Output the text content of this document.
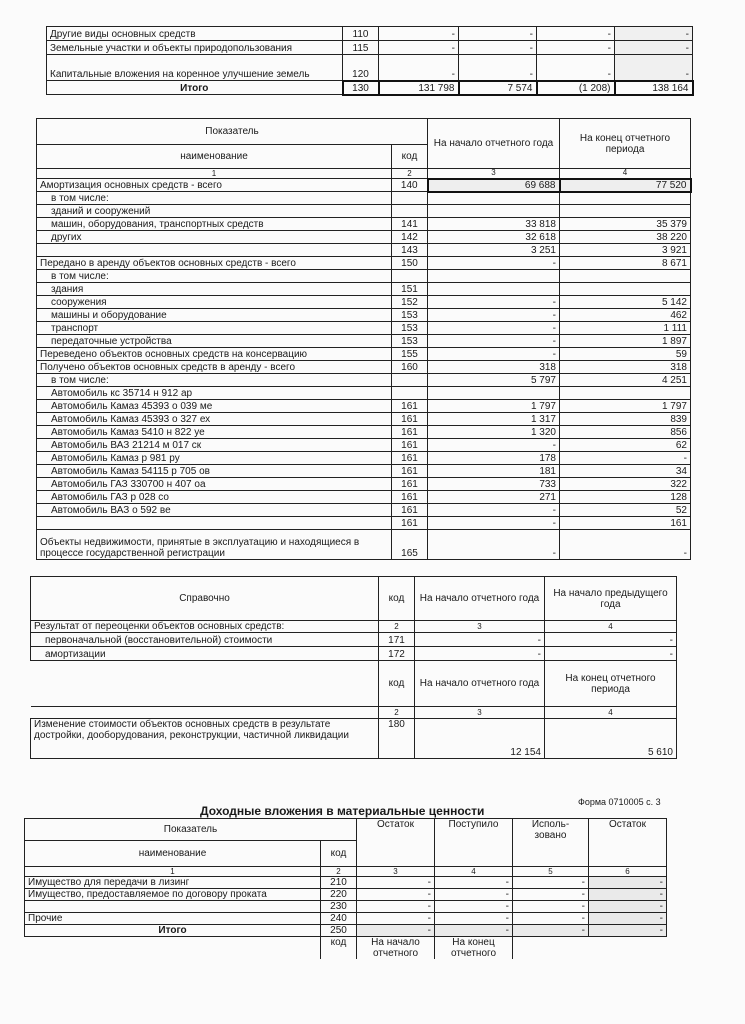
Другие виды основных средств	110	-	-	-	-
Земельные участки и объекты природопользования	115	-	-	-	-
Капитальные вложения на коренное улучшение земель	120	-	-	-	-
Итого	130	131 798	7 574	(1 208)	138 164
Показатель		На начало отчетного года	На конец отчетного периода
наименование	код		
1	2	3	4
Амортизация основных средств - всего	140	69 688	77 520
в том числе:			
зданий и сооружений			
машин, оборудования, транспортных средств	141	33 818	35 379
других	142	32 618	38 220
	143	3 251	3 921
Передано в аренду объектов основных средств - всего	150	-	8 671
в том числе:			
здания	151		
сооружения	152	-	5 142
машины и оборудование	153	-	462
транспорт	153	-	1 111
передаточные устройства	153	-	1 897
Переведено объектов основных средств на консервацию	155	-	59
Получено объектов основных средств в аренду - всего	160	318	318
в том числе:		5 797	4 251
Автомобиль кс 35714 н 912 ар			
Автомобиль Камаз 45393 о 039 ме	161	1 797	1 797
Автомобиль Камаз 45393 о 327 ех	161	1 317	839
Автомобиль Камаз 5410 н 822 уе	161	1 320	856
Автомобиль ВАЗ 21214 м 017 ск	161	-	62
Автомобиль Камаз р 981 ру	161	178	-
Автомобиль Камаз 54115 р 705 ов	161	181	34
Автомобиль ГАЗ 330700 н 407 оа	161	733	322
Автомобиль ГАЗ р 028 со	161	271	128
Автомобиль ВАЗ о 592 ве	161	-	52
	161	-	161
Объекты недвижимости, принятые в эксплуатацию и находящиеся в процессе государственной регистрации	165	-	-
Справочно	код	На начало отчетного года	На начало предыдущего года
Результат от переоценки объектов основных средств:	2	3	4
первоначальной (восстановительной) стоимости	171	-	-
амортизации	172	-	-
	код	На начало отчетного года	На конец отчетного периода
	2	3	4
Изменение стоимости объектов основных средств в результате достройки, дооборудования, реконструкции, частичной ликвидации	180	12 154	5 610
Форма 0710005 с. 3
Доходные вложения в материальные ценности
Показатель		Остаток	Поступило	Исполь- зовано	Остаток
наименование	код				
1	2	3	4	5	6
Имущество для передачи в лизинг	210	-	-	-	-
Имущество, предоставляемое по договору проката	220	-	-	-	-
	230	-	-	-	-
Прочие	240	-	-	-	-
Итого	250	-	-	-	-
	код	На начало отчетного	На конец отчетного		
